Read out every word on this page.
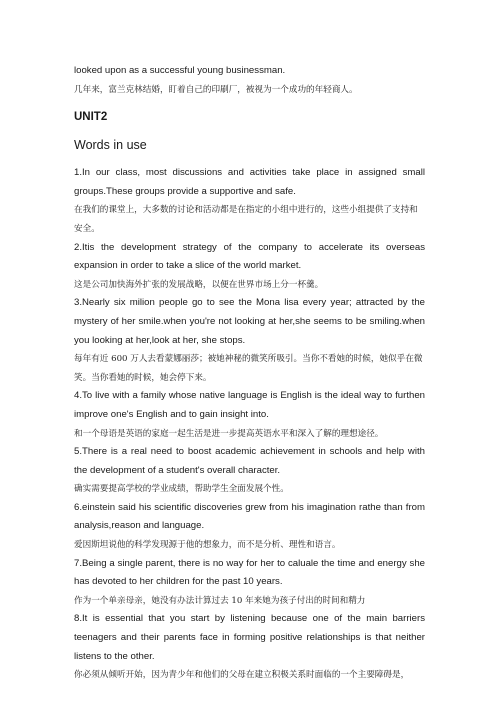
looked upon as a successful young businessman.

几年来，富兰克林结婚，盯着自己的印刷厂，被视为一个成功的年轻商人。

UNIT2
Words in use

1.In our class, most discussions and activities take place in assigned small groups.These groups provide a supportive and safe.

在我们的课堂上，大多数的讨论和活动都是在指定的小组中进行的，这些小组提供了支持和安全。

2.Itis the development strategy of the company to accelerate its overseas expansion in order to take a slice of the world market.

这是公司加快海外扩张的发展战略，以便在世界市场上分一杯羹。

3.Nearly six milion people go to see the Mona lisa every year; attracted by the mystery of her smile.when you're not looking at her,she seems to be smiling.when you looking at her,look at her, she stops.

每年有近 600 万人去看蒙娜丽莎；被她神秘的微笑所吸引。当你不看她的时候，她似乎在微笑。当你看她的时候，她会停下来。

4.To live with a family whose native language is English is the ideal way to furthen improve one's English and to gain insight into.

和一个母语是英语的家庭一起生活是进一步提高英语水平和深入了解的理想途径。

5.There is a real need to boost academic achievement in schools and help with the development of a student's overall character.

确实需要提高学校的学业成绩，帮助学生全面发展个性。

6.einstein said his scientific discoveries grew from his imagination rathe than from analysis,reason and language.

爱因斯坦说他的科学发现源于他的想象力，而不是分析、理性和语言。

7.Being a single parent, there is no way for her to caluale the time and energy she has devoted to her children for the past 10 years.

作为一个单亲母亲，她没有办法计算过去 10 年来她为孩子付出的时间和精力

8.It is essential that you start by listening because one of the main barriers teenagers and their parents face in forming positive relationships is that neither listens to the other.

你必须从倾听开始，因为青少年和他们的父母在建立积极关系时面临的一个主要障碍是，
